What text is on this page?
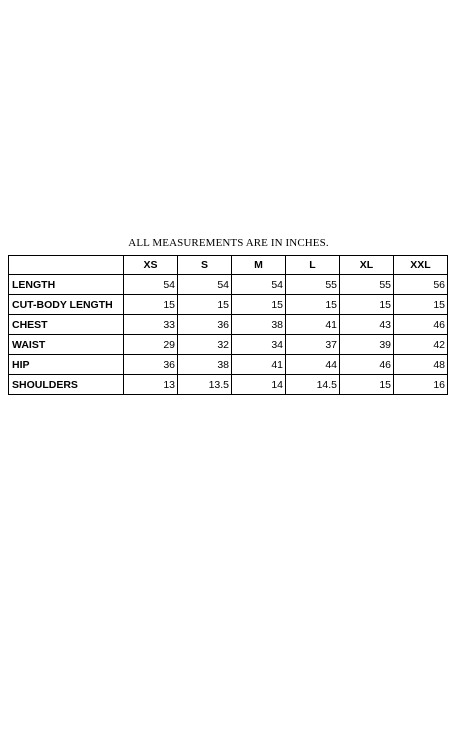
ALL MEASUREMENTS ARE IN INCHES.
	XS	S	M	L	XL	XXL
LENGTH	54	54	54	55	55	56
CUT-BODY LENGTH	15	15	15	15	15	15
CHEST	33	36	38	41	43	46
WAIST	29	32	34	37	39	42
HIP	36	38	41	44	46	48
SHOULDERS	13	13.5	14	14.5	15	16
